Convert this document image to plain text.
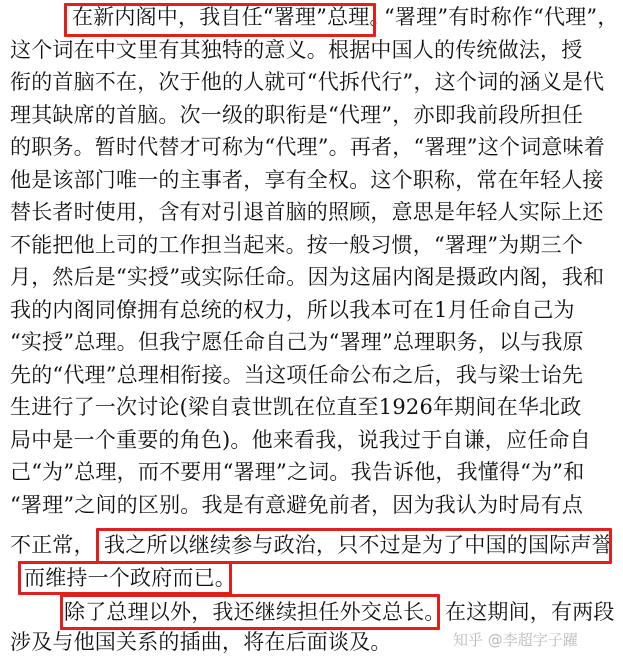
在新内阁中，我自任“署理”总理。
“署理”有时称作“代理”，
这个词在中文里有其独特的意义。根据中国人的传统做法，授
衔的首脑不在，次于他的人就可“代拆代行”，这个词的涵义是代
理其缺席的首脑。次一级的职衔是“代理”，亦即我前段所担任
的职务。暂时代替才可称为“代理”。再者，“署理”这个词意味着
他是该部门唯一的主事者，享有全权。这个职称，常在年轻人接
替长者时使用，含有对引退首脑的照顾，意思是年轻人实际上还
不能把他上司的工作担当起来。按一般习惯，“署理”为期三个
月，然后是“实授”或实际任命。因为这届内阁是摄政内阁，我和
我的内阁同僚拥有总统的权力，所以我本可在1月任命自己为
“实授”总理。但我宁愿任命自己为“署理”总理职务，以与我原
先的“代理”总理相衔接。当这项任命公布之后，我与梁士诒先
生进行了一次讨论(梁自袁世凯在位直至1926年期间在华北政
局中是一个重要的角色)。他来看我，说我过于自谦，应任命自
己“为”总理，而不要用“署理”之词。我告诉他，我懂得“为”和
“署理”之间的区别。我是有意避免前者，因为我认为时局有点
不正常， 我之所以继续参与政治，只不过是为了中国的国际声誉
而维持一个政府而已。
除了总理以外，我还继续担任外交总长。 在这期间，有两段
涉及与他国关系的插曲，将在后面谈及。	知乎 @李超字子躍
